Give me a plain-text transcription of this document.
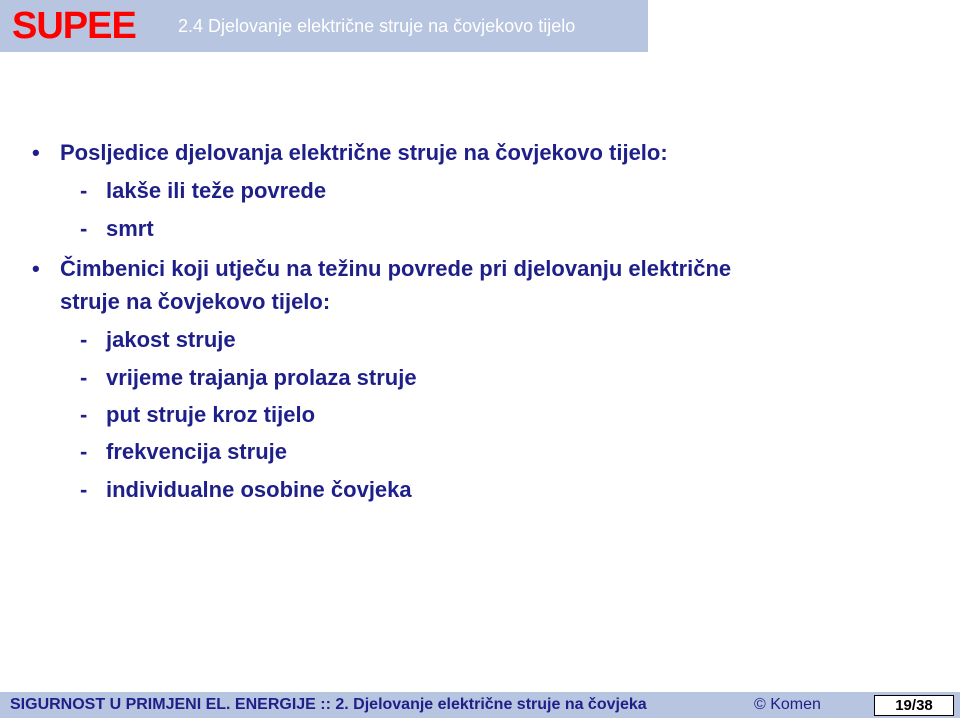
SUPEE 2.4 Djelovanje električne struje na čovjekovo tijelo
• Posljedice djelovanja električne struje na čovjekovo tijelo:
- lakše ili teže povrede
- smrt
• Čimbenici koji utječu na težinu povrede pri djelovanju električne
struje na čovjekovo tijelo:
- jakost struje
- vrijeme trajanja prolaza struje
- put struje kroz tijelo
- frekvencija struje
- individualne osobine čovjeka
SIGURNOST U PRIMJENI EL. ENERGIJE :: 2. Djelovanje električne struje na čovjeka	© Komen	19/38
